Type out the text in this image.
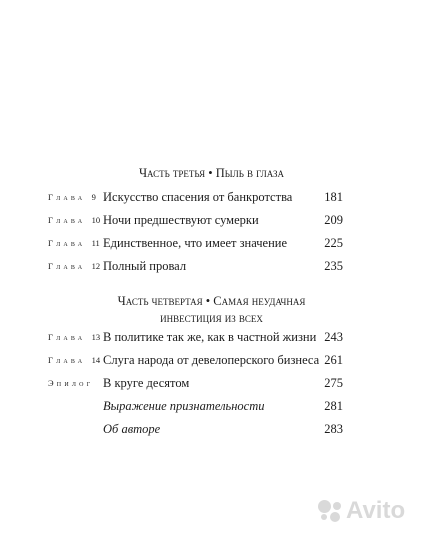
Часть третья • Пыль в глаза
Глава 9 Искусство спасения от банкротства	181
Глава 10 Ночи предшествуют сумерки	209
Глава 11 Единственное, что имеет значение	225
Глава 12 Полный провал	235
Часть четвертая • Самая неудачная
инвестиция из всех
Глава 13 В политике так же, как в частной жизни 243
Глава 14 Слуга народа от девелоперского бизнеса 261
Эпилог В круге десятом	275
Выражение признательности	281
Об авторе	283
Avito
